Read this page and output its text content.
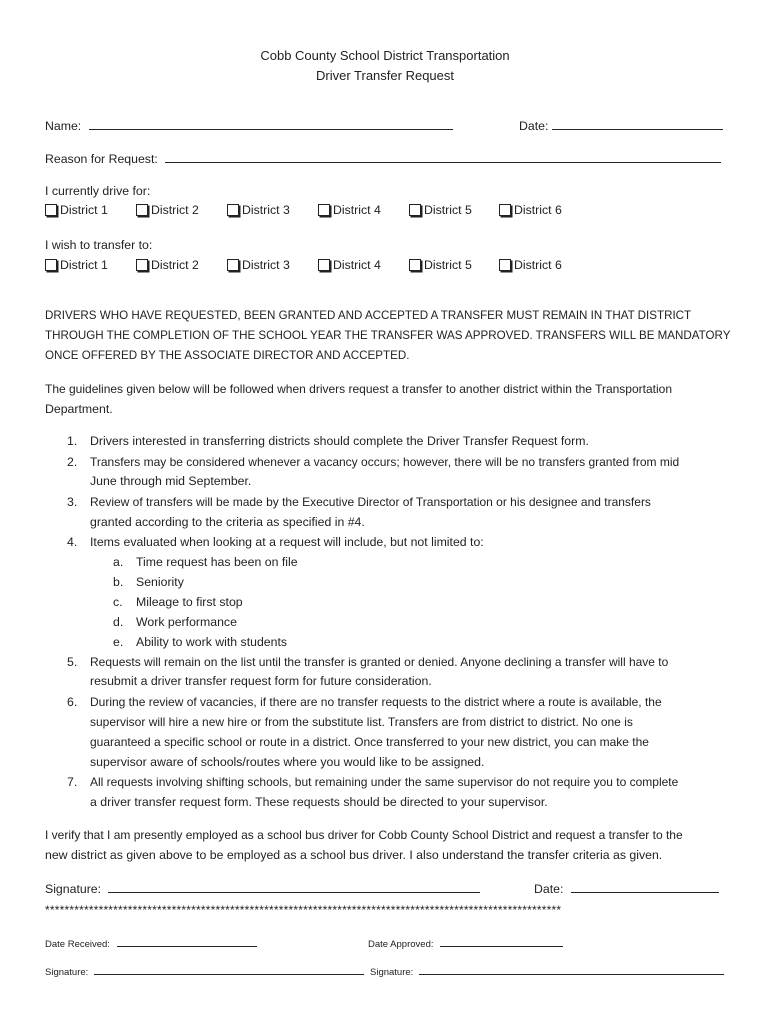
Cobb County School District Transportation
Driver Transfer Request
Name:	Date:
Reason for Request:
I currently drive for:
District 1	District 2	District 3	District 4	District 5	District 6
I wish to transfer to:
District 1	District 2	District 3	District 4	District 5	District 6
DRIVERS WHO HAVE REQUESTED, BEEN GRANTED AND ACCEPTED A TRANSFER MUST REMAIN IN THAT DISTRICT
THROUGH THE COMPLETION OF THE SCHOOL YEAR THE TRANSFER WAS APPROVED. TRANSFERS WILL BE MANDATORY
ONCE OFFERED BY THE ASSOCIATE DIRECTOR AND ACCEPTED.
The guidelines given below will be followed when drivers request a transfer to another district within the Transportation
Department.
1. Drivers interested in transferring districts should complete the Driver Transfer Request form.
2. Transfers may be considered whenever a vacancy occurs; however, there will be no transfers granted from mid
June through mid September.
3. Review of transfers will be made by the Executive Director of Transportation or his designee and transfers
granted according to the criteria as specified in #4.
4. Items evaluated when looking at a request will include, but not limited to:
a. Time request has been on file
b. Seniority
c. Mileage to first stop
d. Work performance
e. Ability to work with students
5. Requests will remain on the list until the transfer is granted or denied. Anyone declining a transfer will have to
resubmit a driver transfer request form for future consideration.
6. During the review of vacancies, if there are no transfer requests to the district where a route is available, the
supervisor will hire a new hire or from the substitute list. Transfers are from district to district. No one is
guaranteed a specific school or route in a district. Once transferred to your new district, you can make the
supervisor aware of schools/routes where you would like to be assigned.
7. All requests involving shifting schools, but remaining under the same supervisor do not require you to complete
a driver transfer request form. These requests should be directed to your supervisor.
I verify that I am presently employed as a school bus driver for Cobb County School District and request a transfer to the
new district as given above to be employed as a school bus driver. I also understand the transfer criteria as given.
Signature:	Date:
**********************************************************************************************************
Date Received:	Date Approved:
Signature:	Signature:
